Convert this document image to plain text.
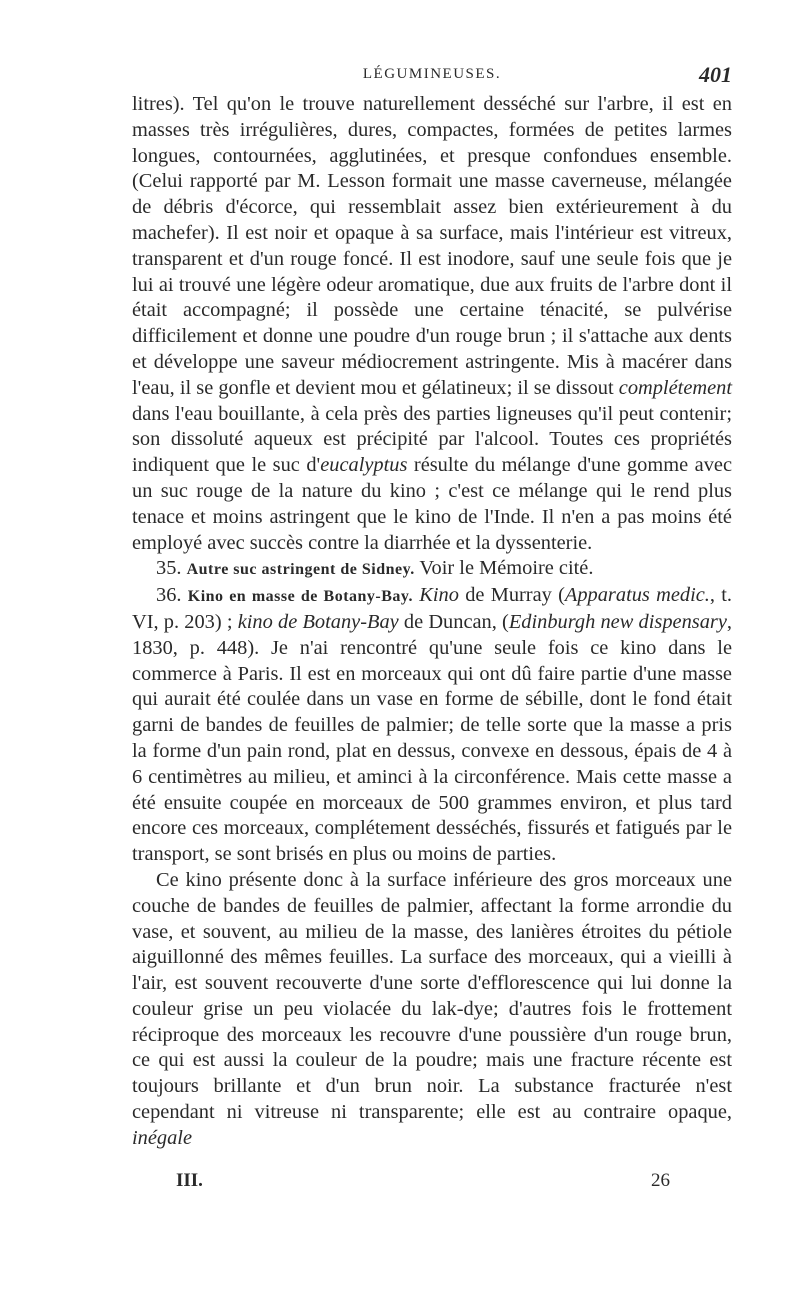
LÉGUMINEUSES.	401

litres). Tel qu'on le trouve naturellement desséché sur l'arbre, il est en masses très irrégulières, dures, compactes, formées de petites larmes longues, contournées, agglutinées, et presque confondues ensemble. (Celui rapporté par M. Lesson formait une masse caverneuse, mélangée de débris d'écorce, qui ressemblait assez bien extérieurement à du machefer). Il est noir et opaque à sa surface, mais l'intérieur est vitreux, transparent et d'un rouge foncé. Il est inodore, sauf une seule fois que je lui ai trouvé une légère odeur aromatique, due aux fruits de l'arbre dont il était accompagné; il possède une certaine ténacité, se pulvérise difficilement et donne une poudre d'un rouge brun ; il s'attache aux dents et développe une saveur médiocrement astringente. Mis à macérer dans l'eau, il se gonfle et devient mou et gélatineux; il se dissout complétement dans l'eau bouillante, à cela près des parties ligneuses qu'il peut contenir; son dissoluté aqueux est précipité par l'alcool. Toutes ces propriétés indiquent que le suc d'eucalyptus résulte du mélange d'une gomme avec un suc rouge de la nature du kino ; c'est ce mélange qui le rend plus tenace et moins astringent que le kino de l'Inde. Il n'en a pas moins été employé avec succès contre la diarrhée et la dyssenterie.

35. Autre suc astringent de Sidney. Voir le Mémoire cité.

36. Kino en masse de Botany-Bay. Kino de Murray (Apparatus medic., t. VI, p. 203) ; kino de Botany-Bay de Duncan, (Edinburgh new dispensary, 1830, p. 448). Je n'ai rencontré qu'une seule fois ce kino dans le commerce à Paris. Il est en morceaux qui ont dû faire partie d'une masse qui aurait été coulée dans un vase en forme de sébille, dont le fond était garni de bandes de feuilles de palmier; de telle sorte que la masse a pris la forme d'un pain rond, plat en dessus, convexe en dessous, épais de 4 à 6 centimètres au milieu, et aminci à la circonférence. Mais cette masse a été ensuite coupée en morceaux de 500 grammes environ, et plus tard encore ces morceaux, complétement desséchés, fissurés et fatigués par le transport, se sont brisés en plus ou moins de parties.

Ce kino présente donc à la surface inférieure des gros morceaux une couche de bandes de feuilles de palmier, affectant la forme arrondie du vase, et souvent, au milieu de la masse, des lanières étroites du pétiole aiguillonné des mêmes feuilles. La surface des morceaux, qui a vieilli à l'air, est souvent recouverte d'une sorte d'efflorescence qui lui donne la couleur grise un peu violacée du lak-dye; d'autres fois le frottement réciproque des morceaux les recouvre d'une poussière d'un rouge brun, ce qui est aussi la couleur de la poudre; mais une fracture récente est toujours brillante et d'un brun noir. La substance fracturée n'est cependant ni vitreuse ni transparente; elle est au contraire opaque, inégale

III.	26
